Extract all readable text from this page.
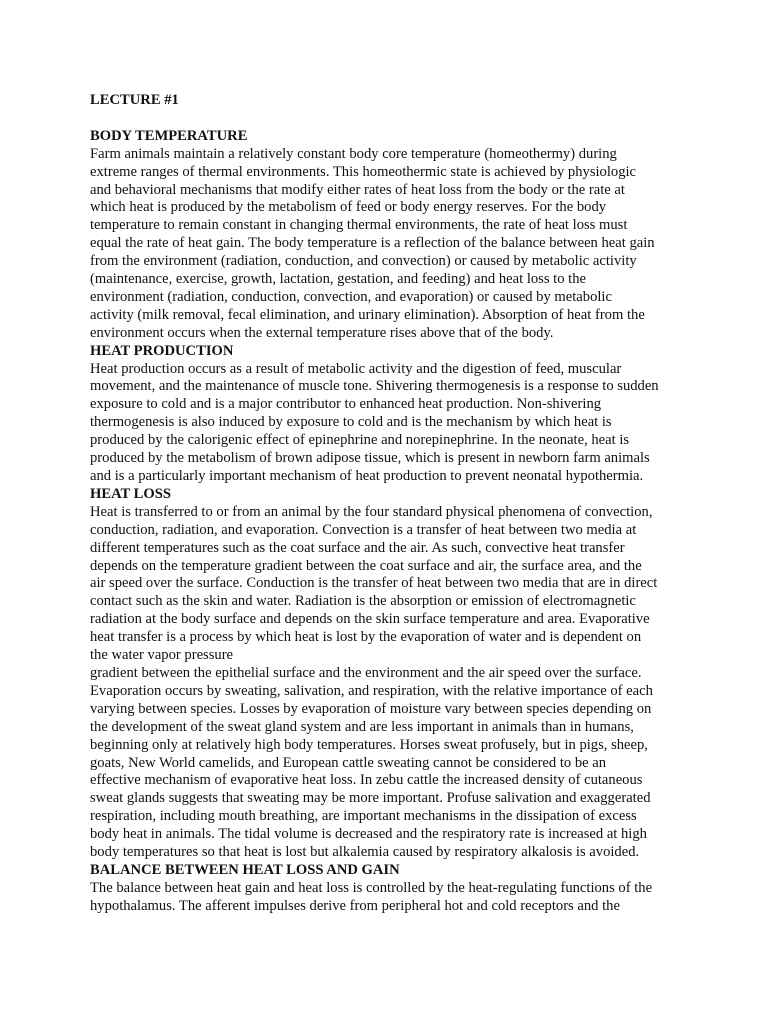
LECTURE #1

BODY TEMPERATURE

Farm animals maintain a relatively constant body core temperature (homeothermy) during
extreme ranges of thermal environments. This homeothermic state is achieved by physiologic
and behavioral mechanisms that modify either rates of heat loss from the body or the rate at
which heat is produced by the metabolism of feed or body energy reserves. For the body
temperature to remain constant in changing thermal environments, the rate of heat loss must
equal the rate of heat gain. The body temperature is a reflection of the balance between heat gain
from the environment (radiation, conduction, and convection) or caused by metabolic activity
(maintenance, exercise, growth, lactation, gestation, and feeding) and heat loss to the
environment (radiation, conduction, convection, and evaporation) or caused by metabolic
activity (milk removal, fecal elimination, and urinary elimination). Absorption of heat from the
environment occurs when the external temperature rises above that of the body.

HEAT PRODUCTION

Heat production occurs as a result of metabolic activity and the digestion of feed, muscular
movement, and the maintenance of muscle tone. Shivering thermogenesis is a response to sudden
exposure to cold and is a major contributor to enhanced heat production. Non-shivering
thermogenesis is also induced by exposure to cold and is the mechanism by which heat is
produced by the calorigenic effect of epinephrine and norepinephrine. In the neonate, heat is
produced by the metabolism of brown adipose tissue, which is present in newborn farm animals
and is a particularly important mechanism of heat production to prevent neonatal hypothermia.

HEAT LOSS

Heat is transferred to or from an animal by the four standard physical phenomena of convection,
conduction, radiation, and evaporation. Convection is a transfer of heat between two media at
different temperatures such as the coat surface and the air. As such, convective heat transfer
depends on the temperature gradient between the coat surface and air, the surface area, and the
air speed over the surface. Conduction is the transfer of heat between two media that are in direct
contact such as the skin and water. Radiation is the absorption or emission of electromagnetic
radiation at the body surface and depends on the skin surface temperature and area. Evaporative
heat transfer is a process by which heat is lost by the evaporation of water and is dependent on
the water vapor pressure

gradient between the epithelial surface and the environment and the air speed over the surface.
Evaporation occurs by sweating, salivation, and respiration, with the relative importance of each
varying between species. Losses by evaporation of moisture vary between species depending on
the development of the sweat gland system and are less important in animals than in humans,
beginning only at relatively high body temperatures. Horses sweat profusely, but in pigs, sheep,
goats, New World camelids, and European cattle sweating cannot be considered to be an
effective mechanism of evaporative heat loss. In zebu cattle the increased density of cutaneous
sweat glands suggests that sweating may be more important. Profuse salivation and exaggerated
respiration, including mouth breathing, are important mechanisms in the dissipation of excess
body heat in animals. The tidal volume is decreased and the respiratory rate is increased at high
body temperatures so that heat is lost but alkalemia caused by respiratory alkalosis is avoided.

BALANCE BETWEEN HEAT LOSS AND GAIN

The balance between heat gain and heat loss is controlled by the heat-regulating functions of the
hypothalamus. The afferent impulses derive from peripheral hot and cold receptors and the
